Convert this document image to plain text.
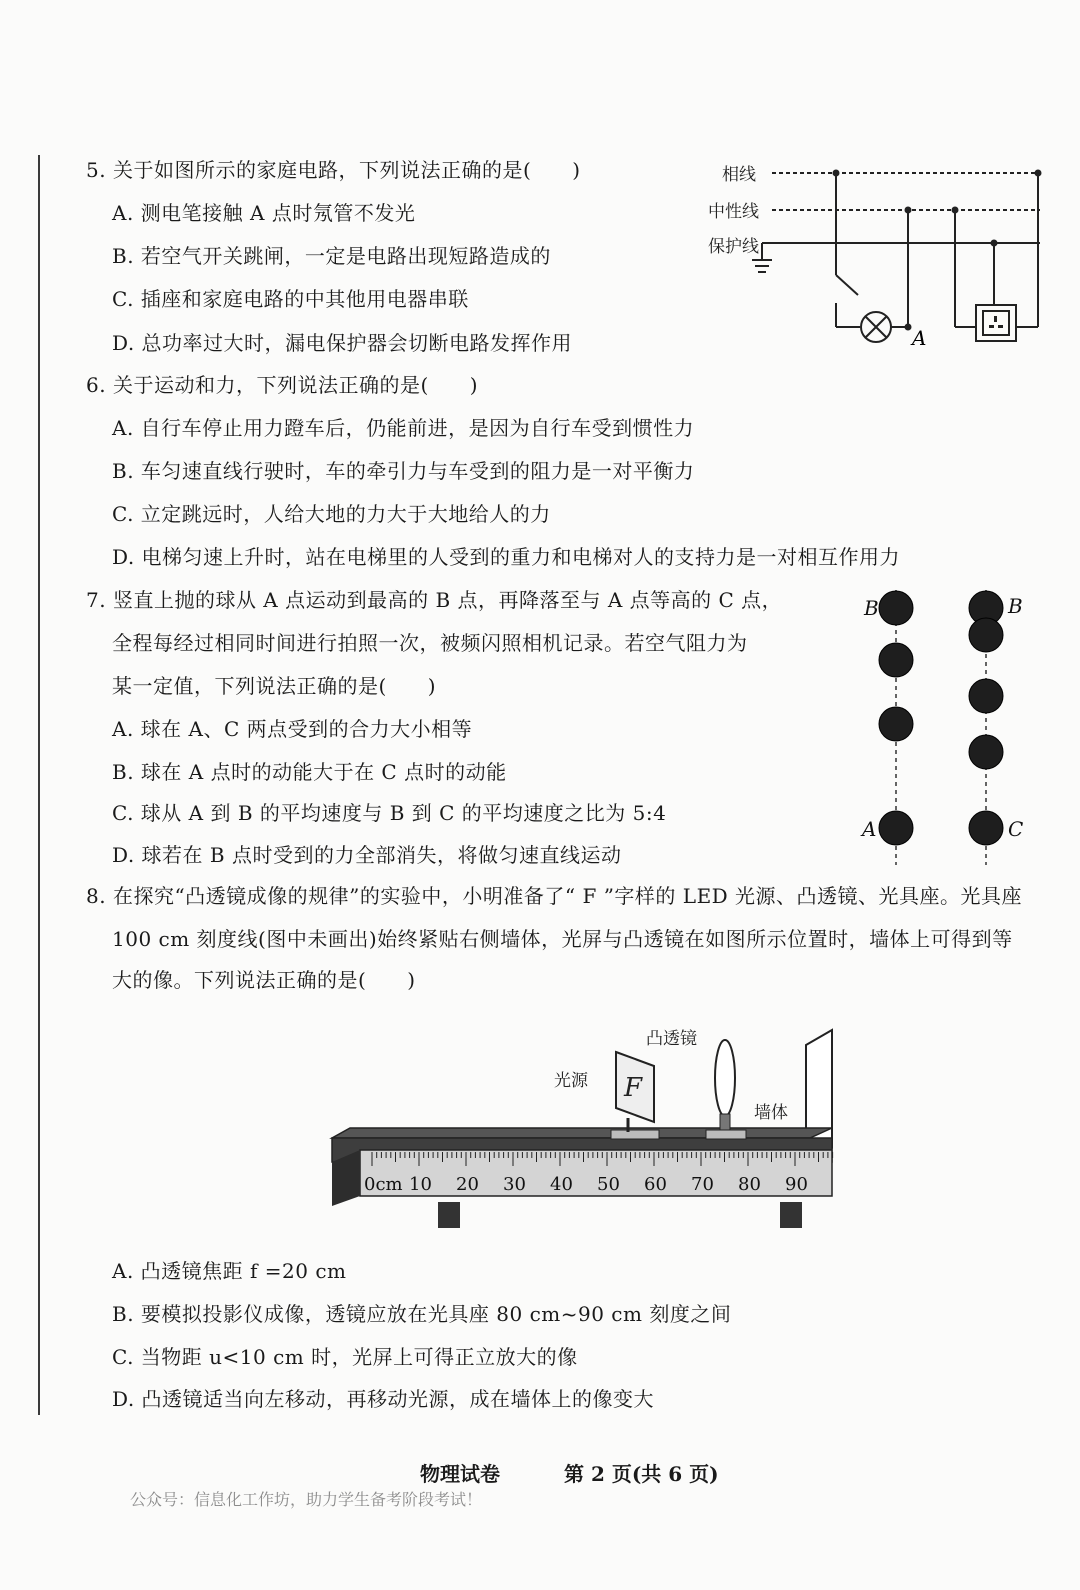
5. 关于如图所示的家庭电路，下列说法正确的是(　　)
A. 测电笔接触 A 点时氖管不发光
B. 若空气开关跳闸，一定是电路出现短路造成的
C. 插座和家庭电路的中其他用电器串联
D. 总功率过大时，漏电保护器会切断电路发挥作用
相线
中性线
保护线
A
6. 关于运动和力，下列说法正确的是(　　)
A. 自行车停止用力蹬车后，仍能前进，是因为自行车受到惯性力
B. 车匀速直线行驶时，车的牵引力与车受到的阻力是一对平衡力
C. 立定跳远时，人给大地的力大于大地给人的力
D. 电梯匀速上升时，站在电梯里的人受到的重力和电梯对人的支持力是一对相互作用力
7. 竖直上抛的球从 A 点运动到最高的 B 点，再降落至与 A 点等高的 C 点，
全程每经过相同时间进行拍照一次，被频闪照相机记录。若空气阻力为
某一定值，下列说法正确的是(　　)
A. 球在 A、C 两点受到的合力大小相等
B. 球在 A 点时的动能大于在 C 点时的动能
C. 球从 A 到 B 的平均速度与 B 到 C 的平均速度之比为 5:4
D. 球若在 B 点时受到的力全部消失，将做匀速直线运动
B
A
B
C
8. 在探究“凸透镜成像的规律”的实验中，小明准备了“ F ”字样的 LED 光源、凸透镜、光具座。光具座
100 cm 刻度线(图中未画出)始终紧贴右侧墙体，光屏与凸透镜在如图所示位置时，墙体上可得到等
大的像。下列说法正确的是(　　)
F
凸透镜
光源
墙体
0cm 10 20 30 40 50 60 70 80 90
A. 凸透镜焦距 f =20 cm
B. 要模拟投影仪成像，透镜应放在光具座 80 cm~90 cm 刻度之间
C. 当物距 u<10 cm 时，光屏上可得正立放大的像
D. 凸透镜适当向左移动，再移动光源，成在墙体上的像变大
物理试卷	第 2 页(共 6 页)
公众号：信息化工作坊，助力学生备考阶段考试！
